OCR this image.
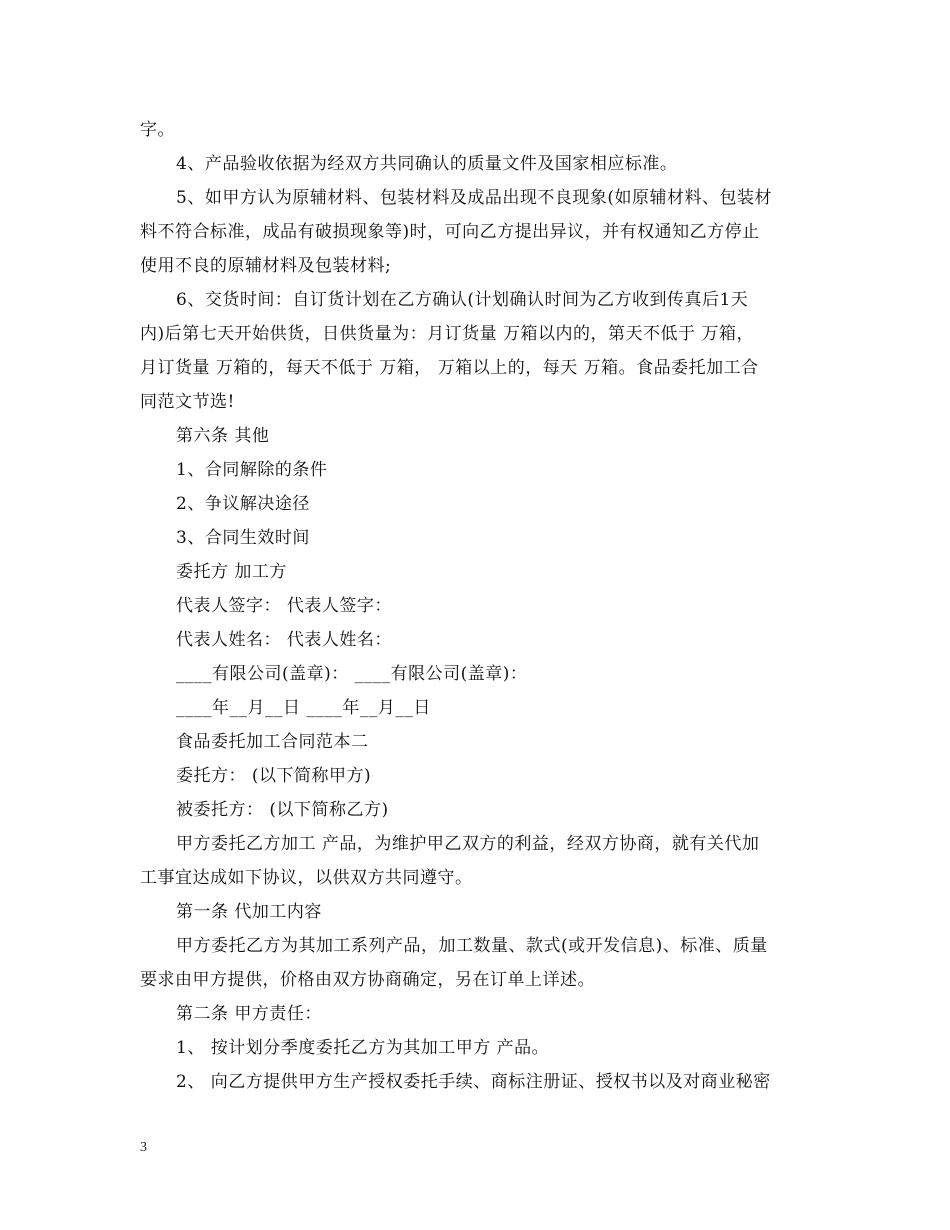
字。
4、产品验收依据为经双方共同确认的质量文件及国家相应标准。
5、如甲方认为原辅材料、包装材料及成品出现不良现象(如原辅材料、包装材
料不符合标准，成品有破损现象等)时，可向乙方提出异议，并有权通知乙方停止
使用不良的原辅材料及包装材料;
6、交货时间：自订货计划在乙方确认(计划确认时间为乙方收到传真后1天
内)后第七天开始供货，日供货量为：月订货量 万箱以内的，第天不低于 万箱，
月订货量 万箱的，每天不低于 万箱， 万箱以上的，每天 万箱。食品委托加工合
同范文节选!
第六条 其他
1、合同解除的条件
2、争议解决途径
3、合同生效时间
委托方 加工方
代表人签字： 代表人签字：
代表人姓名： 代表人姓名：
____有限公司(盖章)： ____有限公司(盖章)：
____年__月__日 ____年__月__日
食品委托加工合同范本二
委托方： (以下简称甲方)
被委托方： (以下简称乙方)
甲方委托乙方加工 产品，为维护甲乙双方的利益，经双方协商，就有关代加
工事宜达成如下协议，以供双方共同遵守。
第一条 代加工内容
甲方委托乙方为其加工系列产品，加工数量、款式(或开发信息)、标准、质量
要求由甲方提供，价格由双方协商确定，另在订单上详述。
第二条 甲方责任：
1、 按计划分季度委托乙方为其加工甲方 产品。
2、 向乙方提供甲方生产授权委托手续、商标注册证、授权书以及对商业秘密
3
